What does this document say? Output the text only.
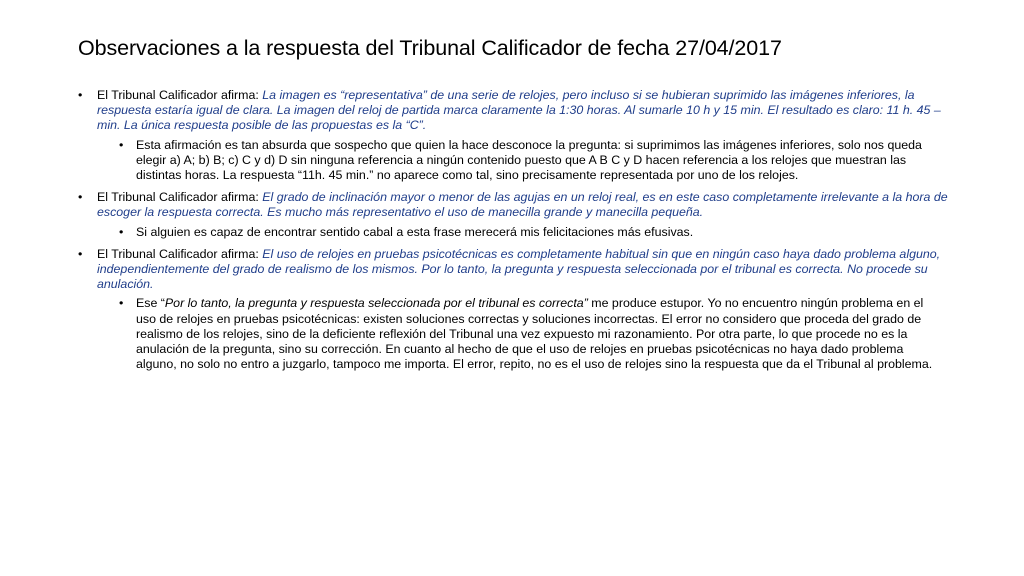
Observaciones a la respuesta del Tribunal Calificador de fecha 27/04/2017
• El Tribunal Calificador afirma: La imagen es “representativa” de una serie de relojes, pero incluso si se hubieran suprimido las imágenes inferiores, la respuesta estaría igual de clara. La imagen del reloj de partida marca claramente la 1:30 horas. Al sumarle 10 h y 15 min. El resultado es claro: 11 h. 45 –min. La única respuesta posible de las propuestas es la “C”.
• Esta afirmación es tan absurda que sospecho que quien la hace desconoce la pregunta: si suprimimos las imágenes inferiores, solo nos queda elegir a) A; b) B; c) C y d) D sin ninguna referencia a ningún contenido puesto que A B C y D hacen referencia a los relojes que muestran las distintas horas. La respuesta “11h. 45 min.” no aparece como tal, sino precisamente representada por uno de los relojes.
• El Tribunal Calificador afirma: El grado de inclinación mayor o menor de las agujas en un reloj real, es en este caso completamente irrelevante a la hora de escoger la respuesta correcta. Es mucho más representativo el uso de manecilla grande y manecilla pequeña.
• Si alguien es capaz de encontrar sentido cabal a esta frase merecerá mis felicitaciones más efusivas.
• El Tribunal Calificador afirma: El uso de relojes en pruebas psicotécnicas es completamente habitual sin que en ningún caso haya dado problema alguno, independientemente del grado de realismo de los mismos. Por lo tanto, la pregunta y respuesta seleccionada por el tribunal es correcta. No procede su anulación.
• Ese “Por lo tanto, la pregunta y respuesta seleccionada por el tribunal es correcta” me produce estupor. Yo no encuentro ningún problema en el uso de relojes en pruebas psicotécnicas: existen soluciones correctas y soluciones incorrectas. El error no considero que proceda del grado de realismo de los relojes, sino de la deficiente reflexión del Tribunal una vez expuesto mi razonamiento. Por otra parte, lo que procede no es la anulación de la pregunta, sino su corrección. En cuanto al hecho de que el uso de relojes en pruebas psicotécnicas no haya dado problema alguno, no solo no entro a juzgarlo, tampoco me importa. El error, repito, no es el uso de relojes sino la respuesta que da el Tribunal al problema.
